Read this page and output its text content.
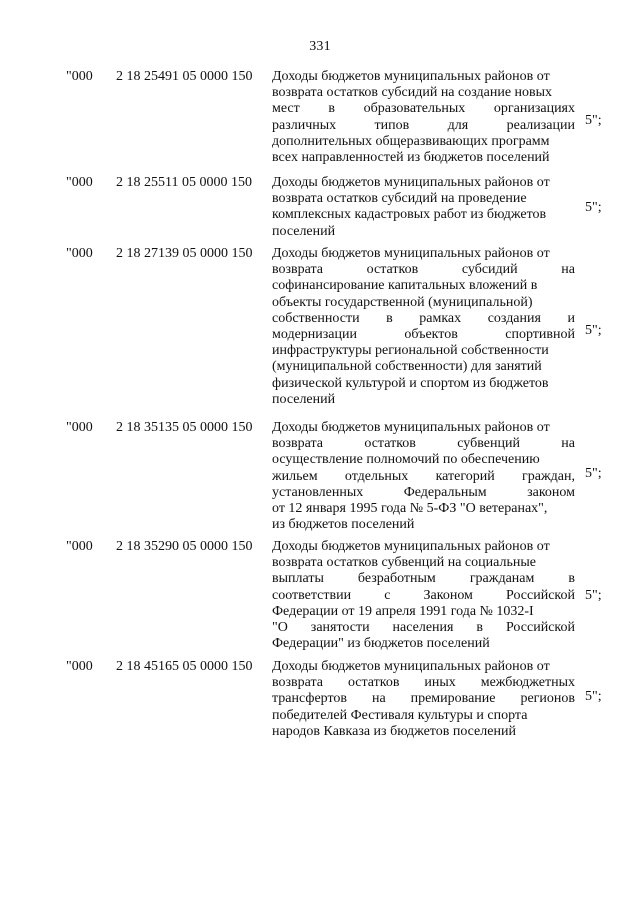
331
"000 2 18 25491 05 0000 150	Доходы бюджетов муниципальных районов от
возврата остатков субсидий на создание новых
мест в образовательных организациях
различных типов для реализации
дополнительных общеразвивающих программ
всех направленностей из бюджетов поселений
5";
"000 2 18 25511 05 0000 150	Доходы бюджетов муниципальных районов от
возврата остатков субсидий на проведение
комплексных кадастровых работ из бюджетов
поселений
5";
"000 2 18 27139 05 0000 150	Доходы бюджетов муниципальных районов от
возврата остатков субсидий на
софинансирование капитальных вложений в
объекты государственной (муниципальной)
собственности в рамках создания и
модернизации объектов спортивной
инфраструктуры региональной собственности
(муниципальной собственности) для занятий
физической культурой и спортом из бюджетов
поселений
5";
"000 2 18 35135 05 0000 150	Доходы бюджетов муниципальных районов от
возврата остатков субвенций на
осуществление полномочий по обеспечению
жильем отдельных категорий граждан,
установленных Федеральным законом
от 12 января 1995 года № 5-ФЗ "О ветеранах",
из бюджетов поселений
5";
"000 2 18 35290 05 0000 150	Доходы бюджетов муниципальных районов от
возврата остатков субвенций на социальные
выплаты безработным гражданам в
соответствии с Законом Российской
Федерации от 19 апреля 1991 года № 1032-I
"О занятости населения в Российской
Федерации" из бюджетов поселений
5";
"000 2 18 45165 05 0000 150	Доходы бюджетов муниципальных районов от
возврата остатков иных межбюджетных
трансфертов на премирование регионов
победителей Фестиваля культуры и спорта
народов Кавказа из бюджетов поселений
5";
